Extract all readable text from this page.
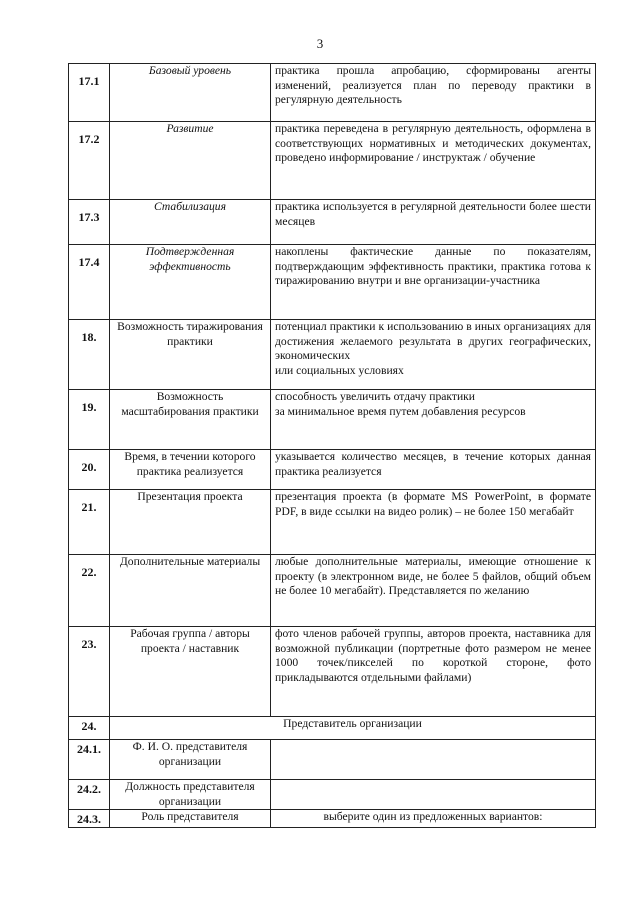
3
17.1	Базовый уровень	практика прошла апробацию, сформированы агенты изменений, реализуется план по переводу практики в регулярную деятельность

17.2	Развитие	практика переведена в регулярную деятельность, оформлена в соответствующих нормативных и методических документах, проведено информирование / инструктаж / обучение

17.3	Стабилизация	практика используется в регулярной деятельности более шести месяцев

17.4	Подтвержденная эффективность	накоплены фактические данные по показателям, подтверждающим эффективность практики, практика готова к тиражированию внутри и вне организации-участника

18.	Возможность тиражирования практики	потенциал практики к использованию в иных организациях для достижения желаемого результата в других географических, экономических
или социальных условиях

19.	Возможность масштабирования практики	способность увеличить отдачу практики
за минимальное время путем добавления ресурсов

20.	Время, в течении которого практика реализуется	указывается количество месяцев, в течение которых данная практика реализуется

21.	Презентация проекта	презентация проекта (в формате MS PowerPoint, в формате PDF, в виде ссылки на видео ролик) – не более 150 мегабайт

22.	Дополнительные материалы	любые дополнительные материалы, имеющие отношение к проекту (в электронном виде, не более 5 файлов, общий объем не более 10 мегабайт). Представляется по желанию

23.	Рабочая группа / авторы проекта / наставник	фото членов рабочей группы, авторов проекта, наставника для возможной публикации (портретные фото размером не менее 1000 точек/пикселей по короткой стороне, фото прикладываются отдельными файлами)

24.	Представитель организации	

24.1.	Ф. И. О. представителя организации	

24.2.	Должность представителя организации	

24.3.	Роль представителя	выберите один из предложенных вариантов:
